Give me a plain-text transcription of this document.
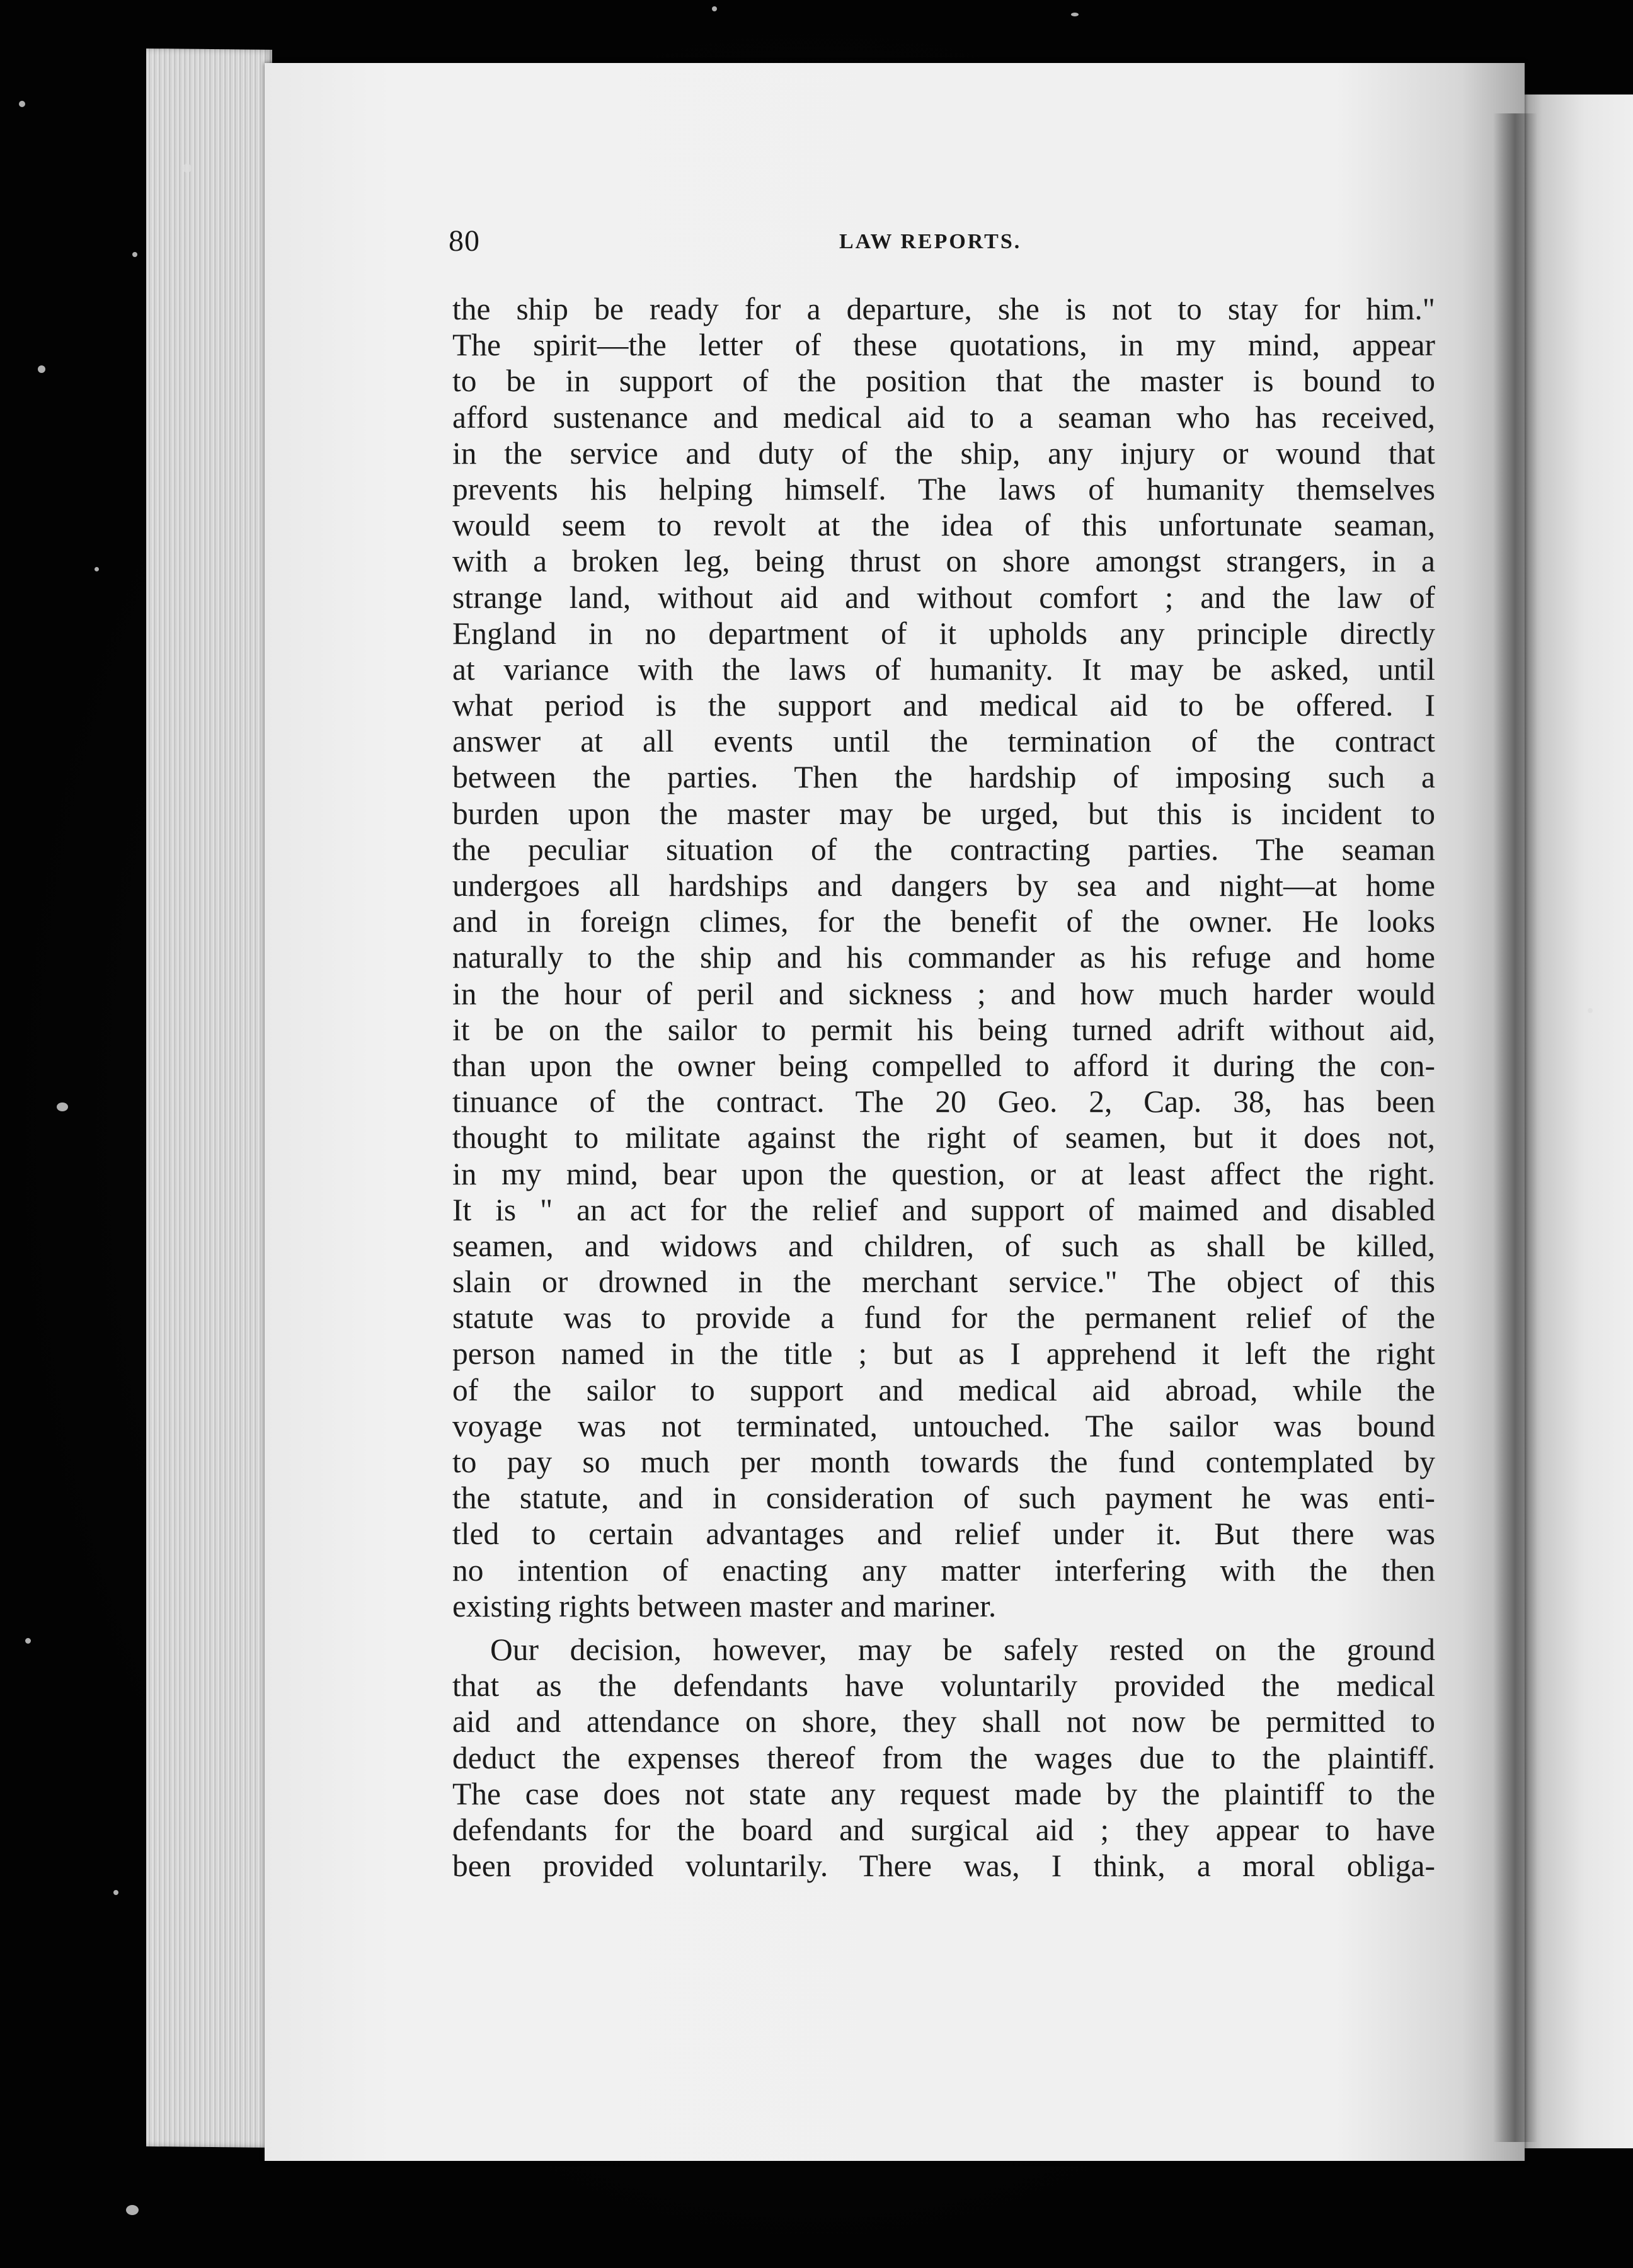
80	LAW REPORTS.
the ship be ready for a departure, she is not to stay for him."
The spirit—the letter of these quotations, in my mind, appear
to be in support of the position that the master is bound to
afford sustenance and medical aid to a seaman who has received,
in the service and duty of the ship, any injury or wound that
prevents his helping himself. The laws of humanity themselves
would seem to revolt at the idea of this unfortunate seaman,
with a broken leg, being thrust on shore amongst strangers, in a
strange land, without aid and without comfort ; and the law of
England in no department of it upholds any principle directly
at variance with the laws of humanity. It may be asked, until
what period is the support and medical aid to be offered. I
answer at all events until the termination of the contract
between the parties. Then the hardship of imposing such a
burden upon the master may be urged, but this is incident to
the peculiar situation of the contracting parties. The seaman
undergoes all hardships and dangers by sea and night—at home
and in foreign climes, for the benefit of the owner. He looks
naturally to the ship and his commander as his refuge and home
in the hour of peril and sickness ; and how much harder would
it be on the sailor to permit his being turned adrift without aid,
than upon the owner being compelled to afford it during the con-
tinuance of the contract. The 20 Geo. 2, Cap. 38, has been
thought to militate against the right of seamen, but it does not,
in my mind, bear upon the question, or at least affect the right.
It is " an act for the relief and support of maimed and disabled
seamen, and widows and children, of such as shall be killed,
slain or drowned in the merchant service." The object of this
statute was to provide a fund for the permanent relief of the
person named in the title ; but as I apprehend it left the right
of the sailor to support and medical aid abroad, while the
voyage was not terminated, untouched. The sailor was bound
to pay so much per month towards the fund contemplated by
the statute, and in consideration of such payment he was enti-
tled to certain advantages and relief under it. But there was
no intention of enacting any matter interfering with the then
existing rights between master and mariner.
Our decision, however, may be safely rested on the ground
that as the defendants have voluntarily provided the medical
aid and attendance on shore, they shall not now be permitted to
deduct the expenses thereof from the wages due to the plaintiff.
The case does not state any request made by the plaintiff to the
defendants for the board and surgical aid ; they appear to have
been provided voluntarily. There was, I think, a moral obliga-
